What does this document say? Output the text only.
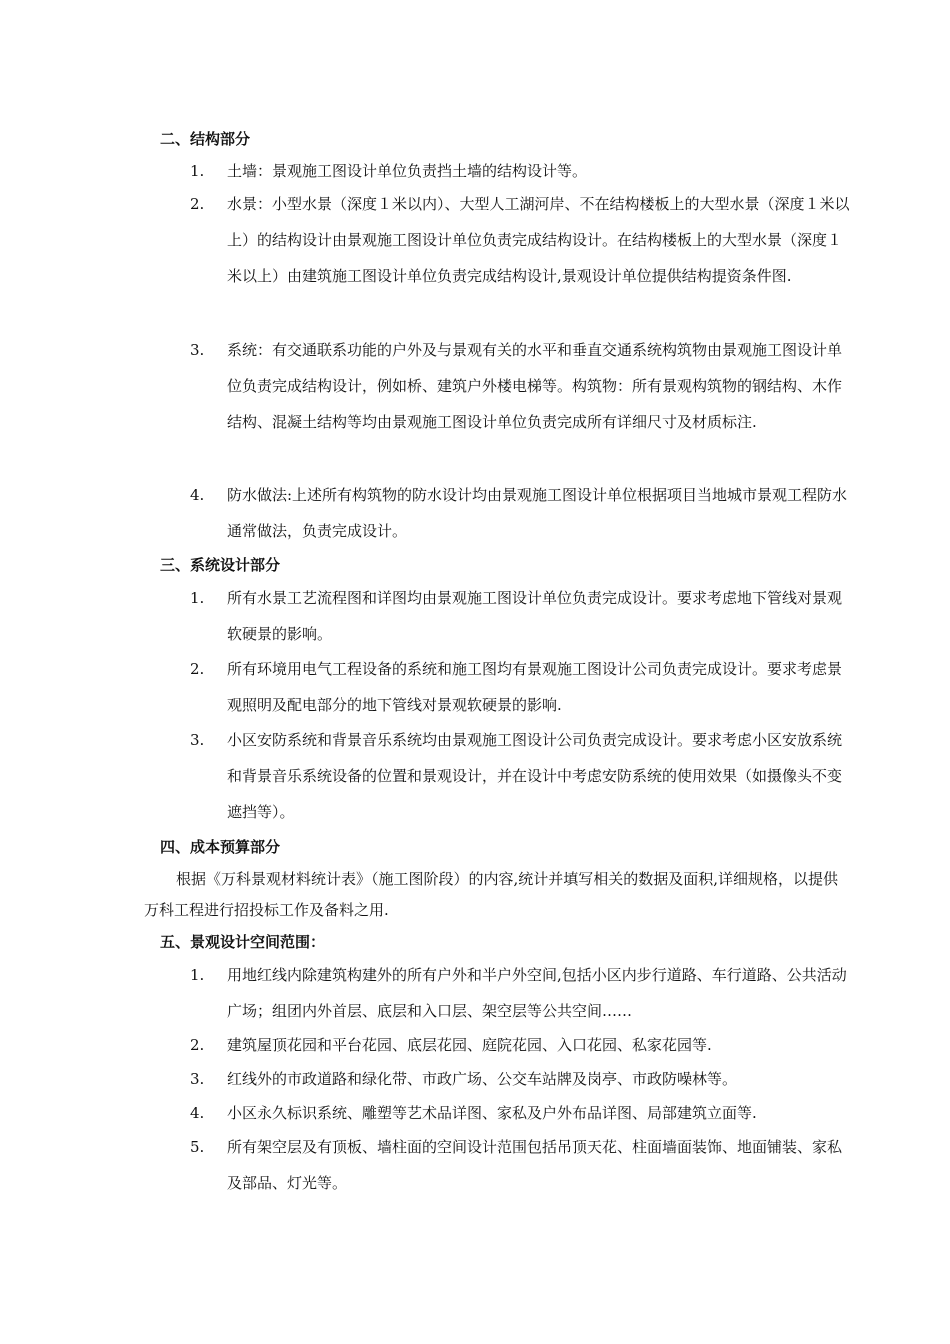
二、结构部分
1.	土墙：景观施工图设计单位负责挡土墙的结构设计等。
2.	水景：小型水景（深度１米以内）、大型人工湖河岸、不在结构楼板上的大型水景（深度１米以上）的结构设计由景观施工图设计单位负责完成结构设计。在结构楼板上的大型水景（深度１米以上）由建筑施工图设计单位负责完成结构设计,景观设计单位提供结构提资条件图.
3.	系统：有交通联系功能的户外及与景观有关的水平和垂直交通系统构筑物由景观施工图设计单位负责完成结构设计，例如桥、建筑户外楼电梯等。构筑物：所有景观构筑物的钢结构、木作结构、混凝土结构等均由景观施工图设计单位负责完成所有详细尺寸及材质标注.
4.	防水做法:上述所有构筑物的防水设计均由景观施工图设计单位根据项目当地城市景观工程防水通常做法，负责完成设计。
三、系统设计部分
1.	所有水景工艺流程图和详图均由景观施工图设计单位负责完成设计。要求考虑地下管线对景观软硬景的影响。
2.	所有环境用电气工程设备的系统和施工图均有景观施工图设计公司负责完成设计。要求考虑景观照明及配电部分的地下管线对景观软硬景的影响.
3.	小区安防系统和背景音乐系统均由景观施工图设计公司负责完成设计。要求考虑小区安放系统和背景音乐系统设备的位置和景观设计，并在设计中考虑安防系统的使用效果（如摄像头不变遮挡等）。
四、成本预算部分
根据《万科景观材料统计表》（施工图阶段）的内容,统计并填写相关的数据及面积,详细规格，以提供万科工程进行招投标工作及备料之用.
五、景观设计空间范围：
1.	用地红线内除建筑构建外的所有户外和半户外空间,包括小区内步行道路、车行道路、公共活动广场；组团内外首层、底层和入口层、架空层等公共空间……
2.	建筑屋顶花园和平台花园、底层花园、庭院花园、入口花园、私家花园等.
3.	红线外的市政道路和绿化带、市政广场、公交车站牌及岗亭、市政防噪林等。
4.	小区永久标识系统、雕塑等艺术品详图、家私及户外布品详图、局部建筑立面等.
5.	所有架空层及有顶板、墙柱面的空间设计范围包括吊顶天花、柱面墙面装饰、地面铺装、家私及部品、灯光等。
